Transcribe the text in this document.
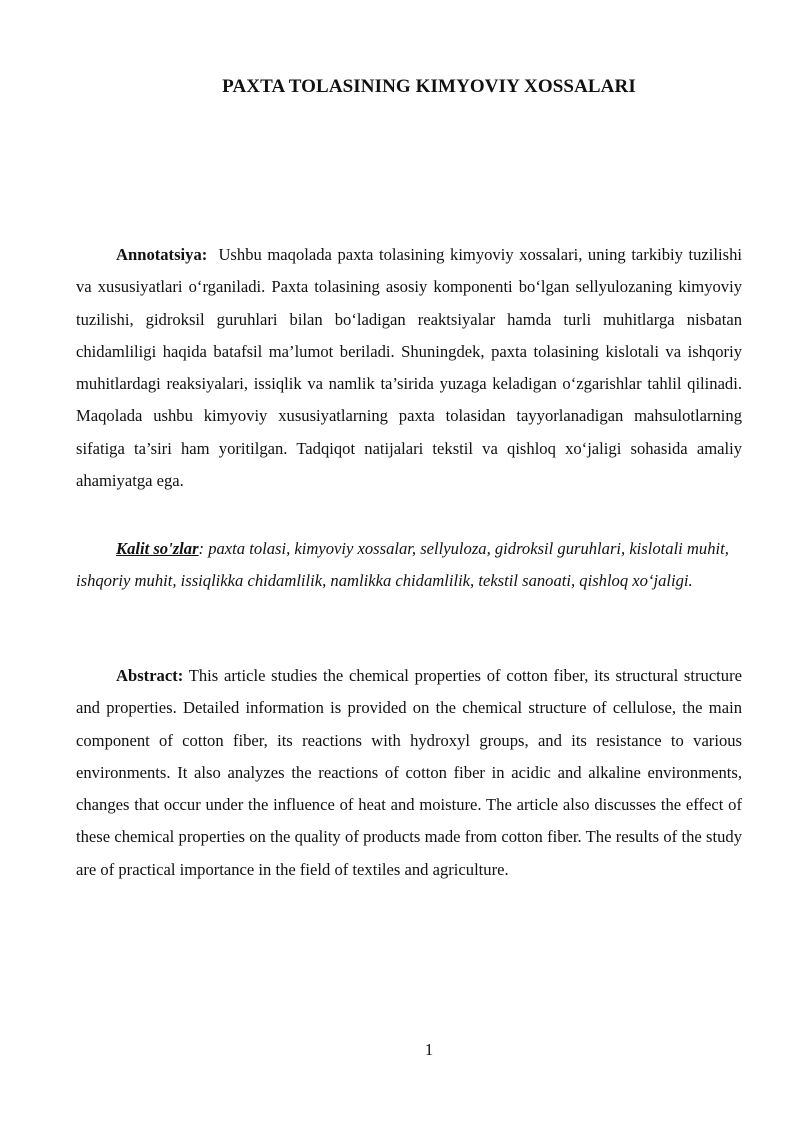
PAXTA TOLASINING KIMYOVIY XOSSALARI

Annotatsiya: Ushbu maqolada paxta tolasining kimyoviy xossalari, uning tarkibiy tuzilishi va xususiyatlari o‘rganiladi. Paxta tolasining asosiy komponenti bo‘lgan sellyulozaning kimyoviy tuzilishi, gidroksil guruhlari bilan bo‘ladigan reaktsiyalar hamda turli muhitlarga nisbatan chidamliligi haqida batafsil ma’lumot beriladi. Shuningdek, paxta tolasining kislotali va ishqoriy muhitlardagi reaksiyalari, issiqlik va namlik ta’sirida yuzaga keladigan o‘zgarishlar tahlil qilinadi. Maqolada ushbu kimyoviy xususiyatlarning paxta tolasidan tayyorlanadigan mahsulotlarning sifatiga ta’siri ham yoritilgan. Tadqiqot natijalari tekstil va qishloq xo‘jaligi sohasida amaliy ahamiyatga ega.

Kalit so'zlar: paxta tolasi, kimyoviy xossalar, sellyuloza, gidroksil guruhlari, kislotali muhit, ishqoriy muhit, issiqlikka chidamlilik, namlikka chidamlilik, tekstil sanoati, qishloq xo‘jaligi.

Abstract: This article studies the chemical properties of cotton fiber, its structural structure and properties. Detailed information is provided on the chemical structure of cellulose, the main component of cotton fiber, its reactions with hydroxyl groups, and its resistance to various environments. It also analyzes the reactions of cotton fiber in acidic and alkaline environments, changes that occur under the influence of heat and moisture. The article also discusses the effect of these chemical properties on the quality of products made from cotton fiber. The results of the study are of practical importance in the field of textiles and agriculture.

1
